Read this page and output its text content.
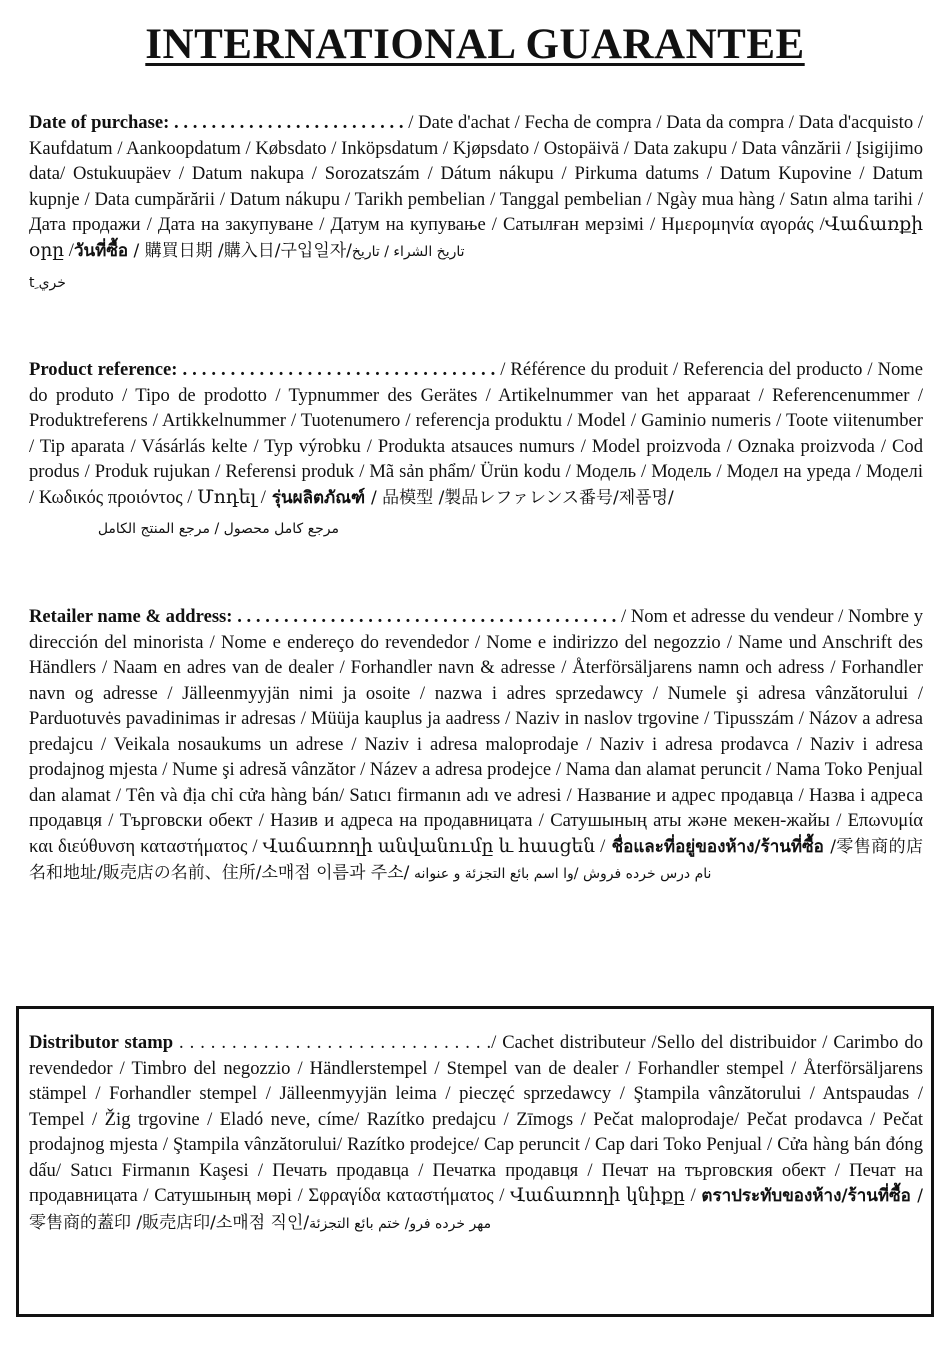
INTERNATIONAL GUARANTEE
Date of purchase: . . . . . . . . . . . . . . . . . . . . . . . . . / Date d'achat / Fecha de compra / Data da compra / Data d'acquisto / Kaufdatum / Aankoopdatum / Købsdato / Inköpsdatum / Kjøpsdato / Ostopäivä / Data zakupu / Data vânzării / Įsigijimo data/ Ostukuupäev / Datum nakupa / Sorozatszám / Dátum nákupu / Pirkuma datums / Datum Kupovine / Datum kupnje / Data cumpărării / Datum nákupu / Tarikh pembelian / Tanggal pembelian / Ngày mua hàng / Satın alma tarihi / Дата продажи / Дата на закупуване / Датум на купување / Сатылған мерзімі / Ημερομηνία αγοράς /Վաճառքի օրը /วันที่ซื้อ / 購買日期 /購入日/구입일자/تاريخ الشراء / تاريخ
خري ِt
Product reference: . . . . . . . . . . . . . . . . . . . . . . . . . . . . . . . . . / Référence du produit / Referencia del producto / Nome do produto / Tipo de prodotto / Typnummer des Gerätes / Artikelnummer van het apparaat / Referencenummer / Produktreferens / Artikkelnummer / Tuotenumero / referencja produktu / Model / Gaminio numeris / Toote viitenumber / Tip aparata / Vásárlás kelte / Typ výrobku / Produkta atsauces numurs / Model proizvoda / Oznaka proizvoda / Cod produs / Produk rujukan / Referensi produk / Mã sản phẩm/ Ürün kodu / Модель / Модель / Модел на уреда / Моделі / Κωδικός προιόντος / Մոդել / รุ่นผลิตภัณฑ์ / 品模型 /製品レファレンス番号/제품명/
مرجع كامل محصول / مرجع المنتج الكامل
Retailer name & address: . . . . . . . . . . . . . . . . . . . . . . . . . . . . . . . . . . . . . . . . . / Nom et adresse du vendeur / Nombre y dirección del minorista / Nome e endereço do revendedor / Nome e indirizzo del negozzio / Name und Anschrift des Händlers / Naam en adres van de dealer / Forhandler navn & adresse / Återförsäljarens namn och adress / Forhandler navn og adresse / Jälleenmyyjän nimi ja osoite / nazwa i adres sprzedawcy / Numele şi adresa vânzătorului / Parduotuvės pavadinimas ir adresas / Müüja kauplus ja aadress / Naziv in naslov trgovine / Tipusszám / Názov a adresa predajcu / Veikala nosaukums un adrese / Naziv i adresa maloprodaje / Naziv i adresa prodavca / Naziv i adresa prodajnog mjesta / Nume şi adresă vânzător / Název a adresa prodejce / Nama dan alamat peruncit / Nama Toko Penjual dan alamat / Tên và địa chỉ cửa hàng bán/ Satıcı firmanın adı ve adresi / Название и адрес продавца / Назва і адреса продавця / Търговски обект / Назив и адреса на продавницата / Сатушының аты және мекен-жайы / Επωνυμία και διεύθυνση καταστήματος / Վաճառողի անվանումը և հասցեն / ชื่อและที่อยู่ของห้าง/ร้านที่ซื้อ /零售商的店名和地址/販売店の名前、住所/소매점 이름과 주소/ نام درس خرده فروش /وا اسم بائع التجزئة و عنوانه
Distributor stamp . . . . . . . . . . . . . . . . . . . . . . . . . . . . . ./ Cachet distributeur /Sello del distribuidor / Carimbo do revendedor / Timbro del negozzio / Händlerstempel / Stempel van de dealer / Forhandler stempel / Återförsäljarens stämpel / Forhandler stempel / Jälleenmyyjän leima / pieczęć sprzedawcy / Ştampila vânzătorului / Antspaudas / Tempel / Žig trgovine / Eladó neve, címe/ Razítko predajcu / Zīmogs / Pečat maloprodaje/ Pečat prodavca / Pečat prodajnog mjesta / Ştampila vânzătorului/ Razítko prodejce/ Cap peruncit / Cap dari Toko Penjual / Cửa hàng bán đóng dấu/ Satıcı Firmanın Kaşesi / Печать продавца / Печатка продавця / Печат на търговския обект / Печат на продавницата / Сатушының мөрі / Σφραγίδα καταστήματος / Վաճառողի կնիքը / ตราประทับของห้าง/ร้านที่ซื้อ / 零售商的蓋印 /販売店印/소매점 직인/مهر خرده فرو/ ختم بائع التجزئة
